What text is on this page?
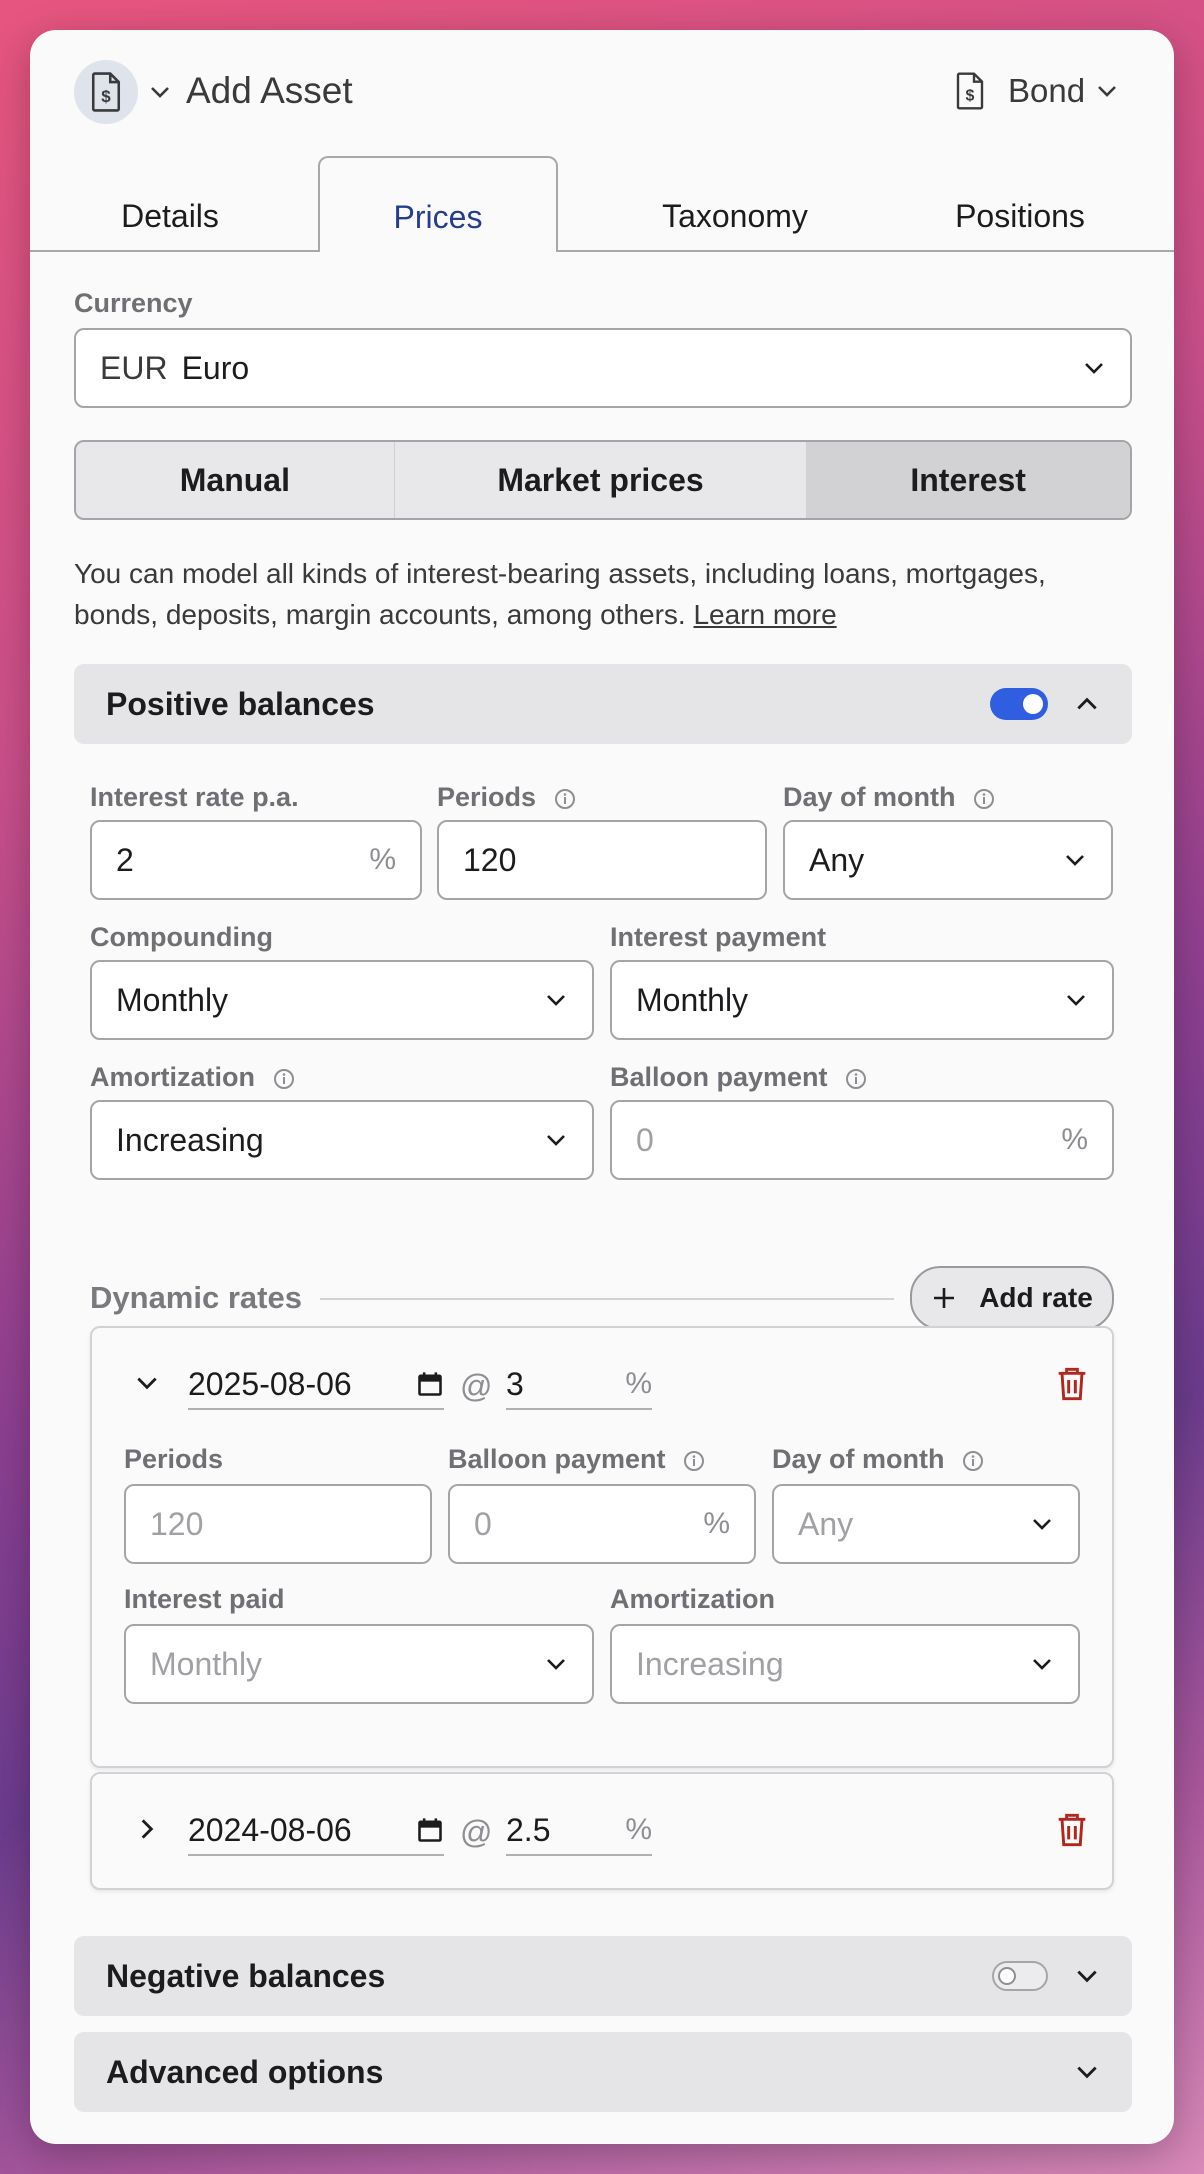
$ Add Asset	$ Bond
Details	Prices	Taxonomy	Positions
Currency
EUR Euro
Manual	Market prices	Interest
You can model all kinds of interest-bearing assets, including loans, mortgages, bonds, deposits, margin accounts, among others. Learn more
Positive balances
Interest rate p.a.
2	%
Periods
120
Day of month
Any
Compounding
Monthly
Interest payment
Monthly
Amortization
Increasing
Balloon payment
0	%
Dynamic rates	Add rate
2025-08-06	@ 3	%
Periods
120
Balloon payment
0	%
Day of month
Any
Interest paid
Monthly
Amortization
Increasing
2024-08-06	@ 2.5 %
Negative balances
Advanced options
